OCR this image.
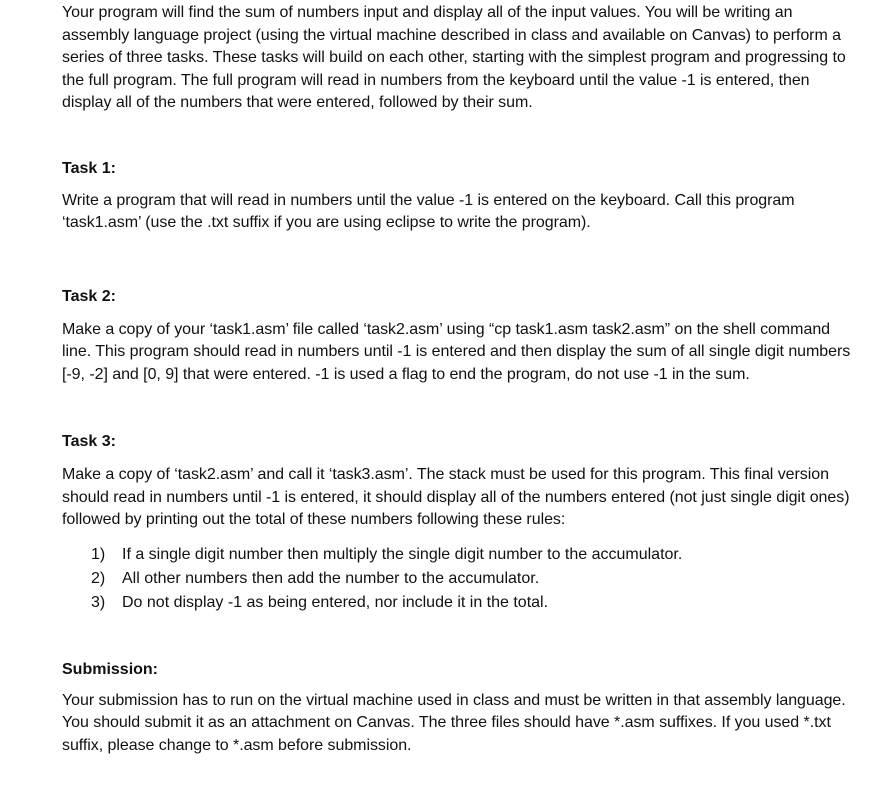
Your program will find the sum of numbers input and display all of the input values. You will be writing an assembly language project (using the virtual machine described in class and available on Canvas) to perform a series of three tasks. These tasks will build on each other, starting with the simplest program and progressing to the full program. The full program will read in numbers from the keyboard until the value -1 is entered, then display all of the numbers that were entered, followed by their sum.

Task 1:

Write a program that will read in numbers until the value -1 is entered on the keyboard. Call this program ‘task1.asm’ (use the .txt suffix if you are using eclipse to write the program).

Task 2:

Make a copy of your ‘task1.asm’ file called ‘task2.asm’ using “cp task1.asm task2.asm” on the shell command line. This program should read in numbers until -1 is entered and then display the sum of all single digit numbers [-9, -2] and [0, 9] that were entered. -1 is used a flag to end the program, do not use -1 in the sum.

Task 3:

Make a copy of ‘task2.asm’ and call it ‘task3.asm’. The stack must be used for this program. This final version should read in numbers until -1 is entered, it should display all of the numbers entered (not just single digit ones) followed by printing out the total of these numbers following these rules:

1) If a single digit number then multiply the single digit number to the accumulator.
2) All other numbers then add the number to the accumulator.
3) Do not display -1 as being entered, nor include it in the total.
Submission:

Your submission has to run on the virtual machine used in class and must be written in that assembly language. You should submit it as an attachment on Canvas. The three files should have *.asm suffixes. If you used *.txt suffix, please change to *.asm before submission.
